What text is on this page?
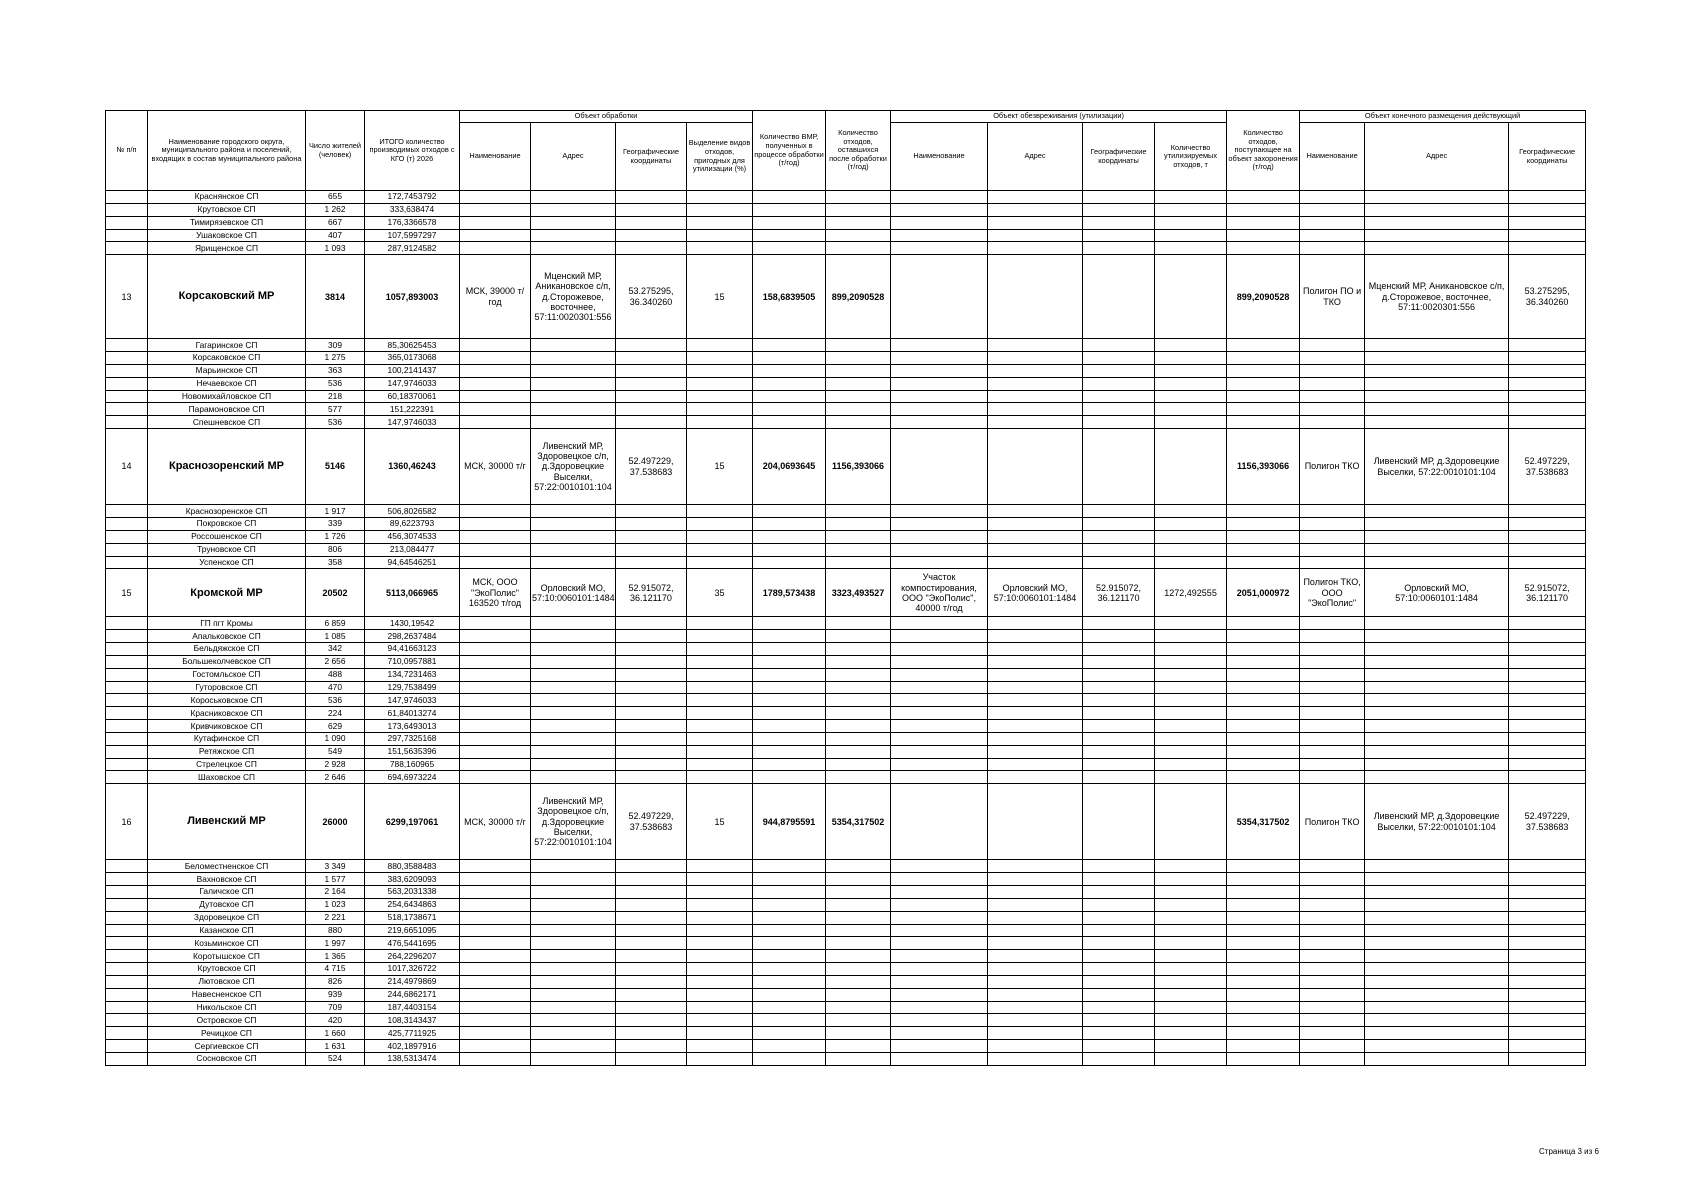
№ п/п	Наименование городского округа, муниципального района и поселений, входящих в состав муниципального района	Число жителей (человек)	ИТОГО количество производимых отходов с КГО (т) 2026	Объект обработки				Количество ВМР, полученных в процессе обработки (т/год)	Количество отходов, оставшихся после обработки (т/год)	Объект обезвреживания (утилизации)				Количество отходов, поступающее на объект захоронения (т/год)	Объект конечного размещения действующий		
				Наименование	Адрес	Географические координаты	Выделение видов отходов, пригодных для утилизации (%)			Наименование	Адрес	Географические координаты	Количество утилизируемых отходов, т		Наименование	Адрес	Географические координаты
	Краснянское СП	655	172,7453792														
	Крутовское СП	1 262	333,638474														
	Тимирязевское СП	667	176,3366578														
	Ушаковское СП	407	107,5997297														
	Ярищенское СП	1 093	287,9124582														
13	Корсаковский МР	3814	1057,893003	МСК, 39000 т/год	Мценский МР, Аникановское с/п, д.Сторожевое, восточнее, 57:11:0020301:556	53.275295, 36.340260	15	158,6839505	899,2090528					899,2090528	Полигон ПО и ТКО	Мценский МР, Аникановское с/п, д.Сторожевое, восточнее, 57:11:0020301:556	53.275295, 36.340260
	Гагаринское СП	309	85,30625453														
	Корсаковское СП	1 275	365,0173068														
	Марьинское СП	363	100,2141437														
	Нечаевское СП	536	147,9746033														
	Новомихайловское СП	218	60,18370061														
	Парамоновское СП	577	151,222391														
	Спешневское СП	536	147,9746033														
14	Краснозоренский МР	5146	1360,46243	МСК, 30000 т/г	Ливенский МР, Здоровецкое с/п, д.Здоровецкие Выселки, 57:22:0010101:104	52.497229, 37.538683	15	204,0693645	1156,393066					1156,393066	Полигон ТКО	Ливенский МР, д.Здоровецкие Выселки, 57:22:0010101:104	52.497229, 37.538683
	Краснозоренское СП	1 917	506,8026582														
	Покровское СП	339	89,6223793														
	Россошенское СП	1 726	456,3074533														
	Труновское СП	806	213,084477														
	Успенское СП	358	94,64546251														
15	Кромской МР	20502	5113,066965	МСК, ООО "ЭкоПолис" 163520 т/год	Орловский МО, 57:10:0060101:1484	52.915072, 36.121170	35	1789,573438	3323,493527	Участок компостирования, ООО "ЭкоПолис", 40000 т/год	Орловский МО, 57:10:0060101:1484	52.915072, 36.121170	1272,492555	2051,000972	Полигон ТКО, ООО "ЭкоПолис"	Орловский МО, 57:10:0060101:1484	52.915072, 36.121170
	ГП пгт Кромы	6 859	1430,19542														
	Апальковское СП	1 085	298,2637484														
	Бельдяжское СП	342	94,41663123														
	Большеколчевское СП	2 656	710,0957881														
	Гостомльское СП	488	134,7231463														
	Гуторовское СП	470	129,7538499														
	Короськовское СП	536	147,9746033														
	Красниковское СП	224	61,84013274														
	Кривчиковское СП	629	173,6493013														
	Кутафинское СП	1 090	297,7325168														
	Ретяжское СП	549	151,5635396														
	Стрелецкое СП	2 928	788,160965														
	Шаховское СП	2 646	694,6973224														
16	Ливенский МР	26000	6299,197061	МСК, 30000 т/г	Ливенский МР, Здоровецкое с/п, д.Здоровецкие Выселки, 57:22:0010101:104	52.497229, 37.538683	15	944,8795591	5354,317502					5354,317502	Полигон ТКО	Ливенский МР, д.Здоровецкие Выселки, 57:22:0010101:104	52.497229, 37.538683
	Беломестненское СП	3 349	880,3588483														
	Вахновское СП	1 577	383,6209093														
	Галичское СП	2 164	563,2031338														
	Дутовское СП	1 023	254,6434863														
	Здоровецкое СП	2 221	518,1738671														
	Казанское СП	880	219,6651095														
	Козьминское СП	1 997	476,5441695														
	Коротышское СП	1 365	264,2296207														
	Крутовское СП	4 715	1017,326722														
	Лютовское СП	826	214,4979869														
	Навесненское СП	939	244,6862171														
	Никольское СП	709	187,4403154														
	Островское СП	420	108,3143437														
	Речицкое СП	1 660	425,7711925														
	Сергиевское СП	1 631	402,1897916														
	Сосновское СП	524	138,5313474														
Страница 3 из 6
